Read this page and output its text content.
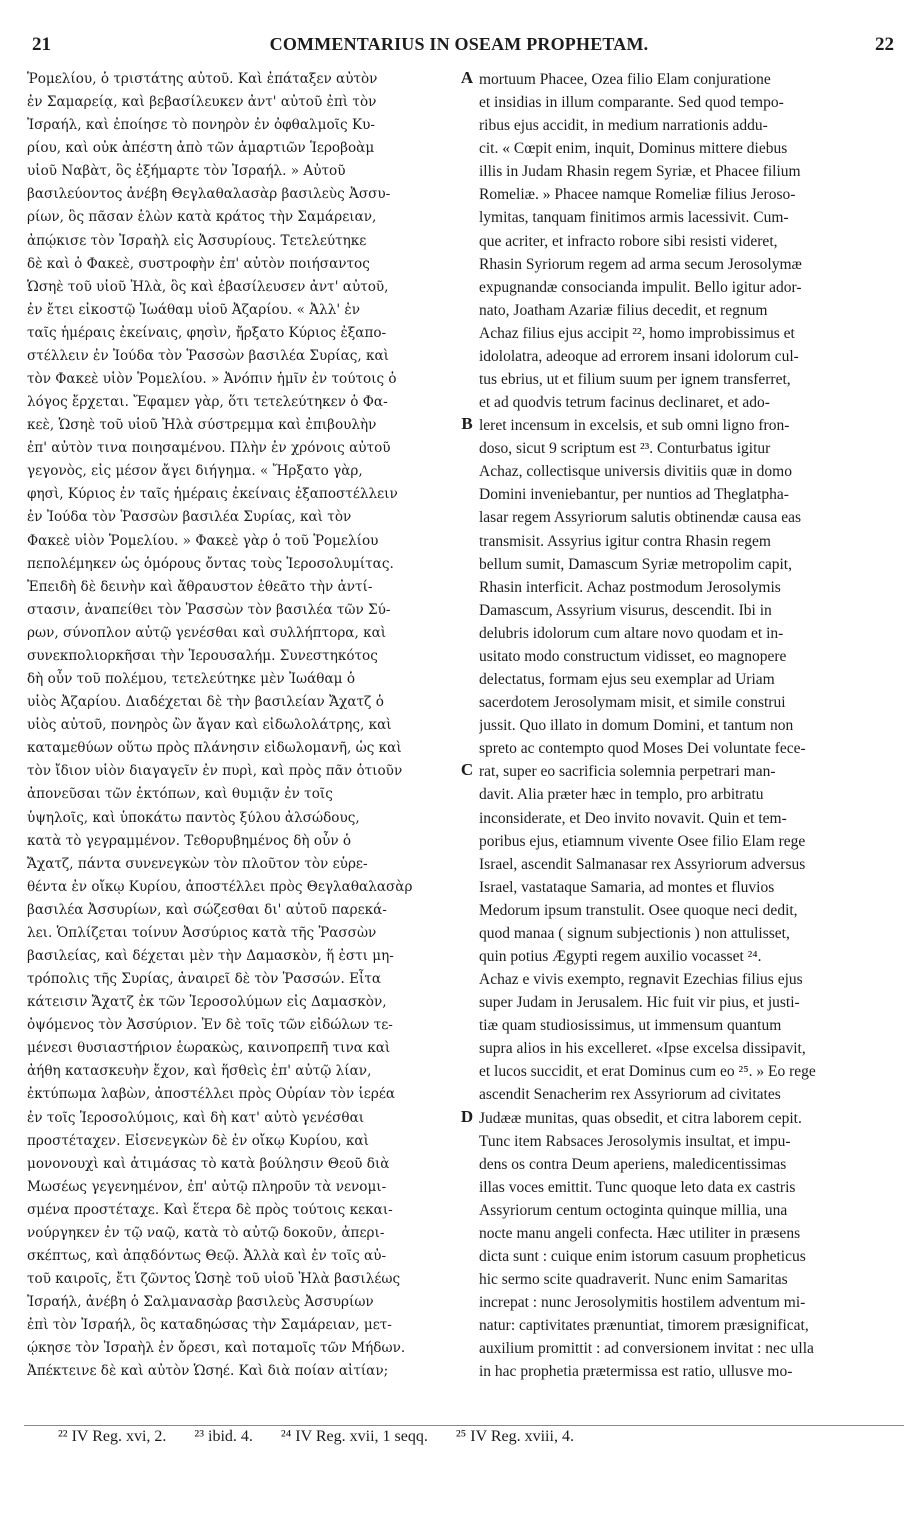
21	COMMENTARIUS IN OSEAM PROPHETAM.	22
Ῥομελίου, ὁ τριστάτης αὐτοῦ. Καὶ ἐπάταξεν αὐτὸν
ἐν Σαμαρείᾳ, καὶ βεβασίλευκεν ἀντ' αὐτοῦ ἐπὶ τὸν
Ἰσραήλ, καὶ ἐποίησε τὸ πονηρὸν ἐν ὀφθαλμοῖς Κυ-
ρίου, καὶ οὐκ ἀπέστη ἀπὸ τῶν ἁμαρτιῶν Ἱεροβοὰμ
υἱοῦ Ναβὰτ, ὃς ἐξήμαρτε τὸν Ἰσραήλ. » Αὐτοῦ
βασιλεύοντος ἀνέβη Θεγλαθαλασὰρ βασιλεὺς Ἀσσυ-
ρίων, ὃς πᾶσαν ἑλὼν κατὰ κράτος τὴν Σαμάρειαν,
ἀπῴκισε τὸν Ἰσραὴλ εἰς Ἀσσυρίους. Τετελεύτηκε
δὲ καὶ ὁ Φακεὲ, συστροφὴν ἐπ' αὐτὸν ποιήσαντος
Ὡσηὲ τοῦ υἱοῦ Ἠλὰ, ὃς καὶ ἐβασίλευσεν ἀντ' αὐτοῦ,
ἐν ἔτει εἰκοστῷ Ἰωάθαμ υἱοῦ Ἀζαρίου. « Ἀλλ' ἐν
ταῖς ἡμέραις ἐκείναις, φησὶν, ἤρξατο Κύριος ἐξαπο-
στέλλειν ἐν Ἰούδα τὸν Ῥασσὼν βασιλέα Συρίας, καὶ
τὸν Φακεὲ υἱὸν Ῥομελίου. » Ἀνόπιν ἡμῖν ἐν τούτοις ὁ
λόγος ἔρχεται. Ἔφαμεν γὰρ, ὅτι τετελεύτηκεν ὁ Φα-
κεὲ, Ὡσηὲ τοῦ υἱοῦ Ἠλὰ σύστρεμμα καὶ ἐπιβουλὴν
ἐπ' αὐτὸν τινα ποιησαμένου. Πλὴν ἐν χρόνοις αὐτοῦ
γεγονὸς, εἰς μέσον ἄγει διήγημα. « Ἤρξατο γὰρ,
φησὶ, Κύριος ἐν ταῖς ἡμέραις ἐκείναις ἐξαποστέλλειν
ἐν Ἰούδα τὸν Ῥασσὼν βασιλέα Συρίας, καὶ τὸν
Φακεὲ υἱὸν Ῥομελίου. » Φακεὲ γὰρ ὁ τοῦ Ῥομελίου
πεπολέμηκεν ὡς ὁμόρους ὄντας τοὺς Ἱεροσολυμίτας.
Ἐπειδὴ δὲ δεινὴν καὶ ἄθραυστον ἑθεᾶτο τὴν ἀντί-
στασιν, ἀναπείθει τὸν Ῥασσὼν τὸν βασιλέα τῶν Σύ-
ρων, σύνοπλον αὐτῷ γενέσθαι καὶ συλλήπτορα, καὶ
συνεκπολιορκῆσαι τὴν Ἱερουσαλήμ. Συνεστηκότος
δὴ οὖν τοῦ πολέμου, τετελεύτηκε μὲν Ἰωάθαμ ὁ
υἱὸς Ἀζαρίου. Διαδέχεται δὲ τὴν βασιλείαν Ἄχατζ ὁ
υἱὸς αὐτοῦ, πονηρὸς ὢν ἄγαν καὶ εἰδωλολάτρης, καὶ
καταμεθύων οὕτω πρὸς πλάνησιν εἰδωλομανῆ, ὡς καὶ
τὸν ἴδιον υἱὸν διαγαγεῖν ἐν πυρὶ, καὶ πρὸς πᾶν ὁτιοῦν
ἀπονεῦσαι τῶν ἐκτόπων, καὶ θυμιᾷν ἐν τοῖς
ὑψηλοῖς, καὶ ὑποκάτω παντὸς ξύλου ἀλσώδους,
κατὰ τὸ γεγραμμένον. Τεθορυβημένος δὴ οὖν ὁ
Ἄχατζ, πάντα συνενεγκὼν τὸν πλοῦτον τὸν εὑρε-
θέντα ἐν οἴκῳ Κυρίου, ἀποστέλλει πρὸς Θεγλαθαλασὰρ
βασιλέα Ἀσσυρίων, καὶ σώζεσθαι δι' αὐτοῦ παρεκά-
λει. Ὁπλίζεται τοίνυν Ἀσσύριος κατὰ τῆς Ῥασσὼν
βασιλείας, καὶ δέχεται μὲν τὴν Δαμασκὸν, ἥ ἐστι μη-
τρόπολις τῆς Συρίας, ἀναιρεῖ δὲ τὸν Ῥασσών. Εἶτα
κάτεισιν Ἄχατζ ἐκ τῶν Ἱεροσολύμων εἰς Δαμασκὸν,
ὀψόμενος τὸν Ἀσσύριον. Ἐν δὲ τοῖς τῶν εἰδώλων τε-
μένεσι θυσιαστήριον ἑωρακὼς, καινοπρεπῆ τινα καὶ
ἀήθη κατασκευὴν ἔχον, καὶ ἥσθεὶς ἐπ' αὐτῷ λίαν,
ἐκτύπωμα λαβὼν, ἀποστέλλει πρὸς Οὐρίαν τὸν ἱερέα
ἐν τοῖς Ἱεροσολύμοις, καὶ δὴ κατ' αὐτὸ γενέσθαι
προστέταχεν. Εἰσενεγκὼν δὲ ἐν οἴκῳ Κυρίου, καὶ
μονονουχὶ καὶ ἀτιμάσας τὸ κατὰ βούλησιν Θεοῦ διὰ
Μωσέως γεγενημένον, ἐπ' αὐτῷ πληροῦν τὰ νενομι-
σμένα προστέταχε. Καὶ ἕτερα δὲ πρὸς τούτοις κεκαι-
νούργηκεν ἐν τῷ ναῷ, κατὰ τὸ αὐτῷ δοκοῦν, ἀπερι-
σκέπτως, καὶ ἀπᾳδόντως Θεῷ. Ἀλλὰ καὶ ἐν τοῖς αὐ-
τοῦ καιροῖς, ἔτι ζῶντος Ὡσηὲ τοῦ υἱοῦ Ἠλὰ βασιλέως
Ἰσραήλ, ἀνέβη ὁ Σαλμανασὰρ βασιλεὺς Ἀσσυρίων
ἐπὶ τὸν Ἰσραήλ, ὃς καταδηώσας τὴν Σαμάρειαν, μετ-
ῴκησε τὸν Ἰσραὴλ ἐν ὄρεσι, καὶ ποταμοῖς τῶν Μήδων.
Ἀπέκτεινε δὲ καὶ αὐτὸν Ὡσηέ. Καὶ διὰ ποίαν αἰτίαν;
A
B
C
D
mortuum Phacee, Ozea filio Elam conjuratione
et insidias in illum comparante. Sed quod tempo-
ribus ejus accidit, in medium narrationis addu-
cit. « Cœpit enim, inquit, Dominus mittere diebus
illis in Judam Rhasin regem Syriæ, et Phacee filium
Romeliæ. » Phacee namque Romeliæ filius Jeroso-
lymitas, tanquam finitimos armis lacessivit. Cum-
que acriter, et infracto robore sibi resisti videret,
Rhasin Syriorum regem ad arma secum Jerosolymæ
expugnandæ consocianda impulit. Bello igitur ador-
nato, Joatham Azariæ filius decedit, et regnum
Achaz filius ejus accipit ²², homo improbissimus et
idololatra, adeoque ad errorem insani idolorum cul-
tus ebrius, ut et filium suum per ignem transferret,
et ad quodvis tetrum facinus declinaret, et ado-
leret incensum in excelsis, et sub omni ligno fron-
doso, sicut 9 scriptum est ²³. Conturbatus igitur
Achaz, collectisque universis divitiis quæ in domo
Domini inveniebantur, per nuntios ad Theglatpha-
lasar regem Assyriorum salutis obtinendæ causa eas
transmisit. Assyrius igitur contra Rhasin regem
bellum sumit, Damascum Syriæ metropolim capit,
Rhasin interficit. Achaz postmodum Jerosolymis
Damascum, Assyrium visurus, descendit. Ibi in
delubris idolorum cum altare novo quodam et in-
usitato modo constructum vidisset, eo magnopere
delectatus, formam ejus seu exemplar ad Uriam
sacerdotem Jerosolymam misit, et simile construi
jussit. Quo illato in domum Domini, et tantum non
spreto ac contempto quod Moses Dei voluntate fece-
rat, super eo sacrificia solemnia perpetrari man-
davit. Alia præter hæc in templo, pro arbitratu
inconsiderate, et Deo invito novavit. Quin et tem-
poribus ejus, etiamnum vivente Osee filio Elam rege
Israel, ascendit Salmanasar rex Assyriorum adversus
Israel, vastataque Samaria, ad montes et fluvios
Medorum ipsum transtulit. Osee quoque neci dedit,
quod manaa ( signum subjectionis ) non attulisset,
quin potius Ægypti regem auxilio vocasset ²⁴.
Achaz e vivis exempto, regnavit Ezechias filius ejus
super Judam in Jerusalem. Hic fuit vir pius, et justi-
tiæ quam studiosissimus, ut immensum quantum
supra alios in his excelleret. «Ipse excelsa dissipavit,
et lucos succidit, et erat Dominus cum eo ²⁵. » Eo rege
ascendit Senacherim rex Assyriorum ad civitates
Judææ munitas, quas obsedit, et citra laborem cepit.
Tunc item Rabsaces Jerosolymis insultat, et impu-
dens os contra Deum aperiens, maledicentissimas
illas voces emittit. Tunc quoque leto data ex castris
Assyriorum centum octoginta quinque millia, una
nocte manu angeli confecta. Hæc utiliter in præsens
dicta sunt : cuique enim istorum casuum propheticus
hic sermo scite quadraverit. Nunc enim Samaritas
increpat : nunc Jerosolymitis hostilem adventum mi-
natur: captivitates prænuntiat, timorem præsignificat,
auxilium promittit : ad conversionem invitat : nec ulla
in hac prophetia prætermissa est ratio, ullusve mo-
²² IV Reg. xvi, 2. ²³ ibid. 4. ²⁴ IV Reg. xvii, 1 seqq. ²⁵ IV Reg. xviii, 4.
